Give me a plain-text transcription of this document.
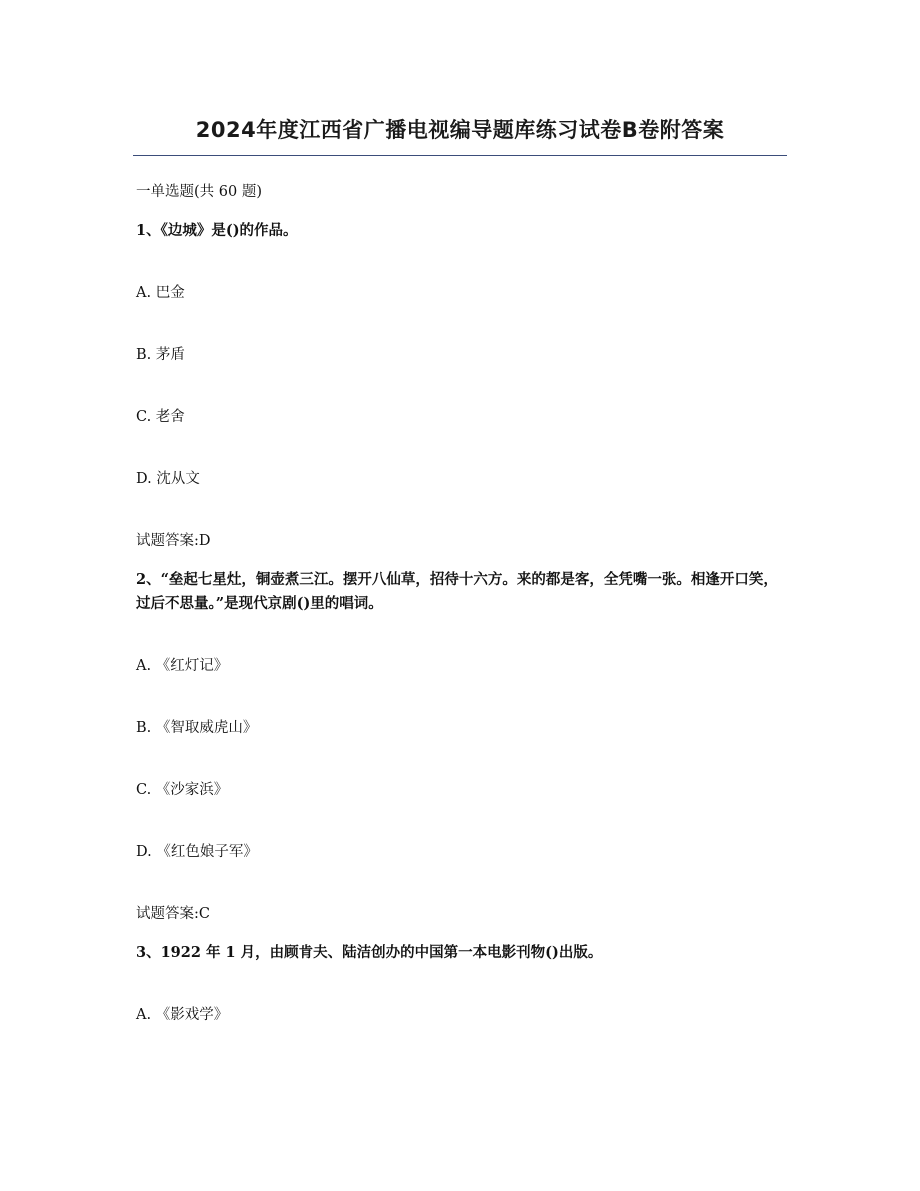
2024年度江西省广播电视编导题库练习试卷B卷附答案
一单选题(共 60 题)
1、《边城》是()的作品。
A. 巴金
B. 茅盾
C. 老舍
D. 沈从文
试题答案:D
2、“垒起七星灶，铜壶煮三江。摆开八仙草，招待十六方。来的都是客，全凭嘴一张。相逢开口笑，过后不思量。”是现代京剧()里的唱词。
A. 《红灯记》
B. 《智取威虎山》
C. 《沙家浜》
D. 《红色娘子军》
试题答案:C
3、1922 年 1 月，由顾肯夫、陆洁创办的中国第一本电影刊物()出版。
A. 《影戏学》
